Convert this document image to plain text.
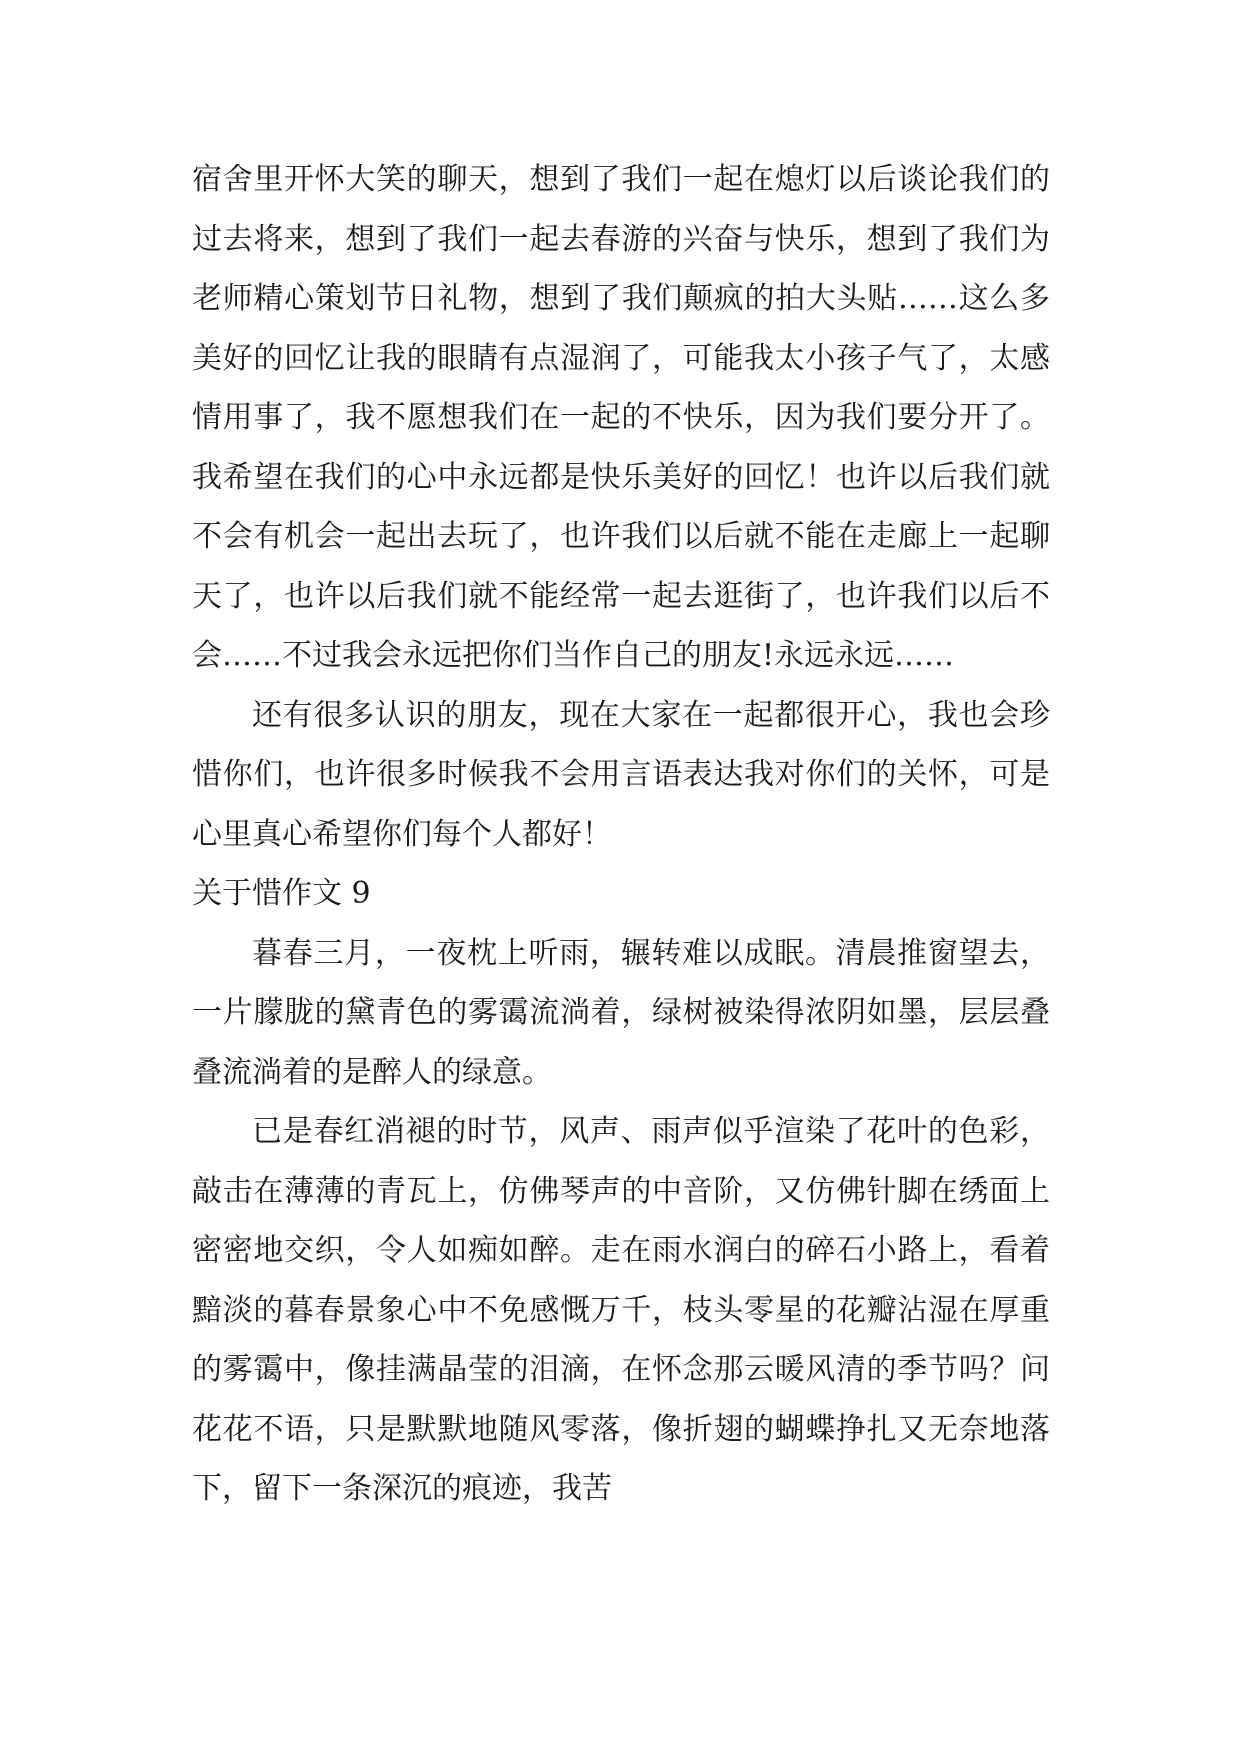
宿舍里开怀大笑的聊天，想到了我们一起在熄灯以后谈论我们的过去将来，想到了我们一起去春游的兴奋与快乐，想到了我们为老师精心策划节日礼物，想到了我们颠疯的拍大头贴……这么多美好的回忆让我的眼睛有点湿润了，可能我太小孩子气了，太感情用事了，我不愿想我们在一起的不快乐，因为我们要分开了。我希望在我们的心中永远都是快乐美好的回忆！也许以后我们就不会有机会一起出去玩了，也许我们以后就不能在走廊上一起聊天了，也许以后我们就不能经常一起去逛街了，也许我们以后不会……不过我会永远把你们当作自己的朋友!永远永远……

还有很多认识的朋友，现在大家在一起都很开心，我也会珍惜你们，也许很多时候我不会用言语表达我对你们的关怀，可是心里真心希望你们每个人都好！

关于惜作文 9

暮春三月，一夜枕上听雨，辗转难以成眠。清晨推窗望去，一片朦胧的黛青色的雾霭流淌着，绿树被染得浓阴如墨，层层叠叠流淌着的是醉人的绿意。

已是春红消褪的时节，风声、雨声似乎渲染了花叶的色彩，敲击在薄薄的青瓦上，仿佛琴声的中音阶，又仿佛针脚在绣面上密密地交织，令人如痴如醉。走在雨水润白的碎石小路上，看着黯淡的暮春景象心中不免感慨万千，枝头零星的花瓣沾湿在厚重的雾霭中，像挂满晶莹的泪滴，在怀念那云暖风清的季节吗？问花花不语，只是默默地随风零落，像折翅的蝴蝶挣扎又无奈地落下，留下一条深沉的痕迹，我苦
